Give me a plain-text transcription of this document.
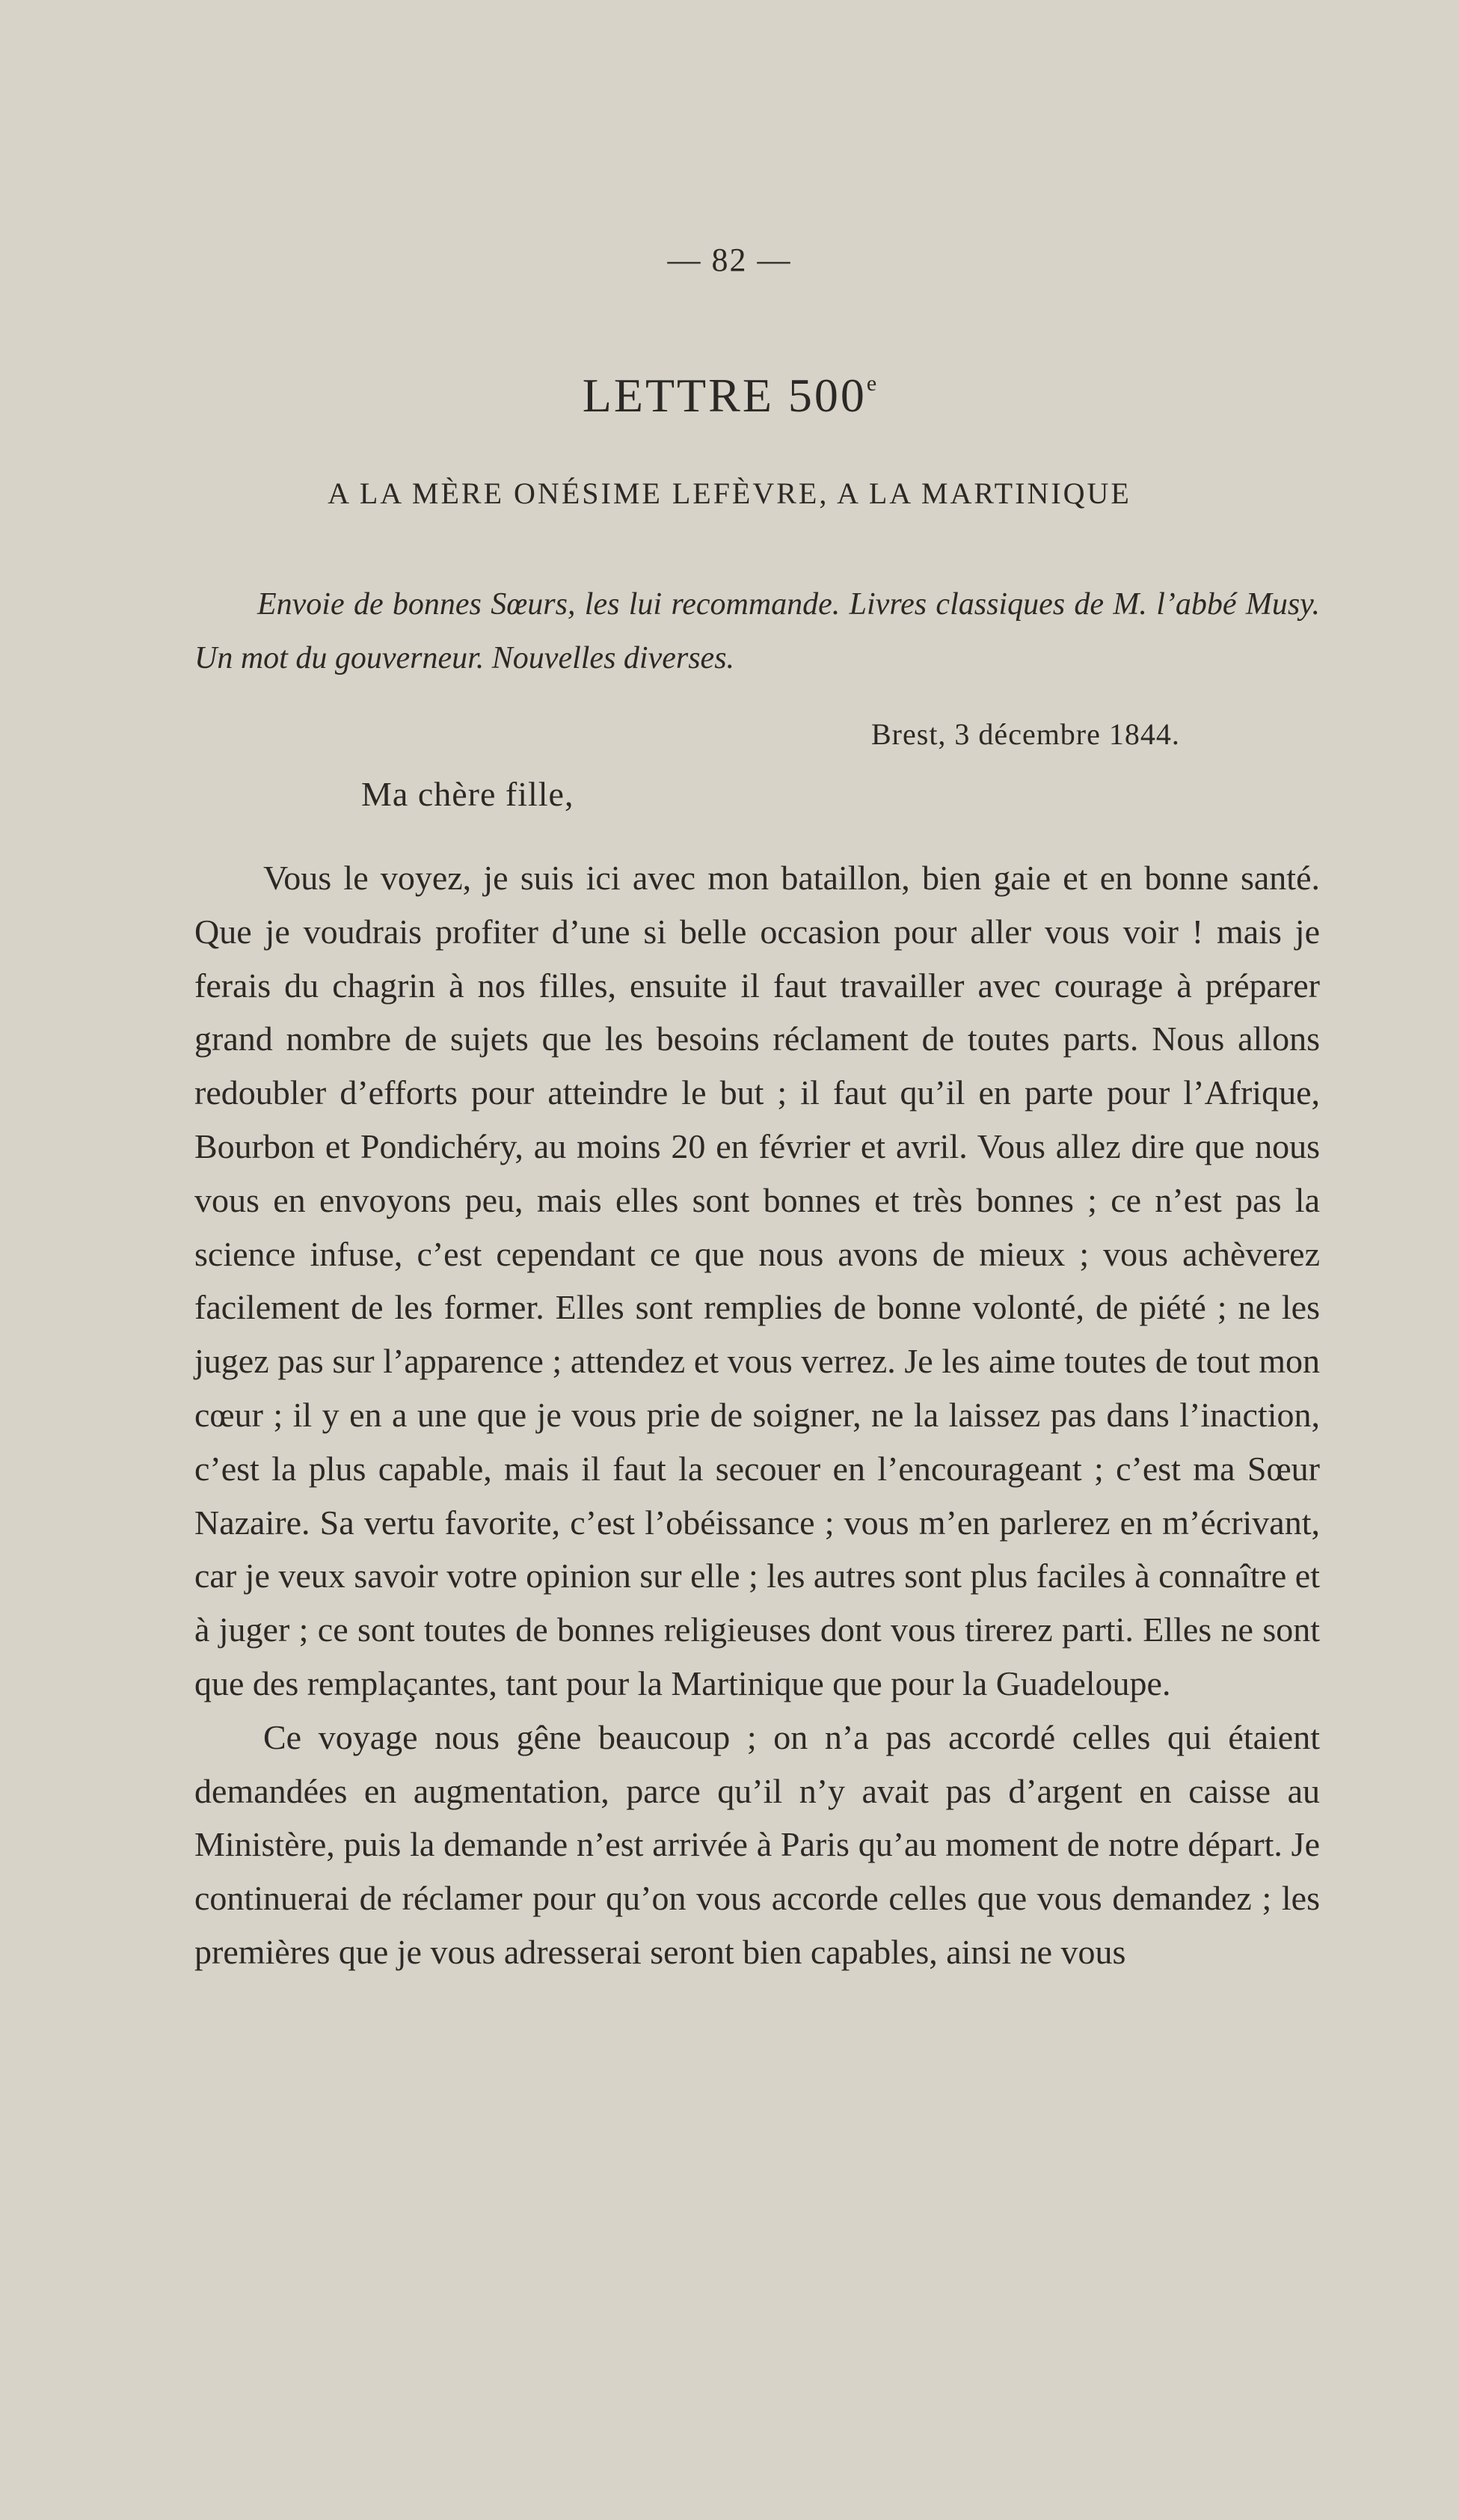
— 82 —
LETTRE 500e
A LA MÈRE ONÉSIME LEFÈVRE, A LA MARTINIQUE
Envoie de bonnes Sœurs, les lui recommande. Livres classiques de M. l’abbé Musy. Un mot du gouverneur. Nouvelles diverses.
Brest, 3 décembre 1844.
Ma chère fille,

Vous le voyez, je suis ici avec mon bataillon, bien gaie et en bonne santé. Que je voudrais profiter d’une si belle occasion pour aller vous voir ! mais je ferais du chagrin à nos filles, ensuite il faut travailler avec courage à préparer grand nombre de sujets que les besoins réclament de toutes parts. Nous allons redoubler d’efforts pour atteindre le but ; il faut qu’il en parte pour l’Afrique, Bourbon et Pondichéry, au moins 20 en février et avril. Vous allez dire que nous vous en envoyons peu, mais elles sont bonnes et très bonnes ; ce n’est pas la science infuse, c’est cependant ce que nous avons de mieux ; vous achèverez facilement de les former. Elles sont remplies de bonne volonté, de piété ; ne les jugez pas sur l’apparence ; attendez et vous verrez. Je les aime toutes de tout mon cœur ; il y en a une que je vous prie de soigner, ne la laissez pas dans l’inaction, c’est la plus capable, mais il faut la secouer en l’encourageant ; c’est ma Sœur Nazaire. Sa vertu favorite, c’est l’obéissance ; vous m’en parlerez en m’écrivant, car je veux savoir votre opinion sur elle ; les autres sont plus faciles à connaître et à juger ; ce sont toutes de bonnes religieuses dont vous tirerez parti. Elles ne sont que des remplaçantes, tant pour la Martinique que pour la Guadeloupe.

Ce voyage nous gêne beaucoup ; on n’a pas accordé celles qui étaient demandées en augmentation, parce qu’il n’y avait pas d’argent en caisse au Ministère, puis la demande n’est arrivée à Paris qu’au moment de notre départ. Je continuerai de réclamer pour qu’on vous accorde celles que vous demandez ; les premières que je vous adresserai seront bien capables, ainsi ne vous
